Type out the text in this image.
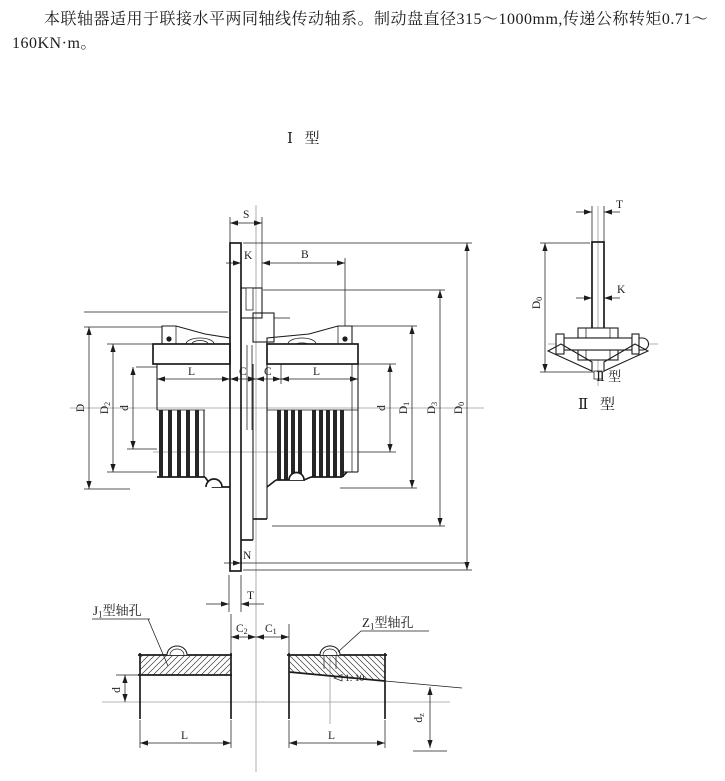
本联轴器适用于联接水平两同轴线传动轴系。制动盘直径315～1000mm,传递公称转矩0.71～160KN·m。
Ⅰ 型
S
K	B
L	C C	L
D D2
d	d D1
D3
D0
N
T
C2 C1
T
K
D0
Ⅱ 型
Ⅱ 型
d
L
J1型轴孔
1: 10
L
dz
Z1型轴孔
